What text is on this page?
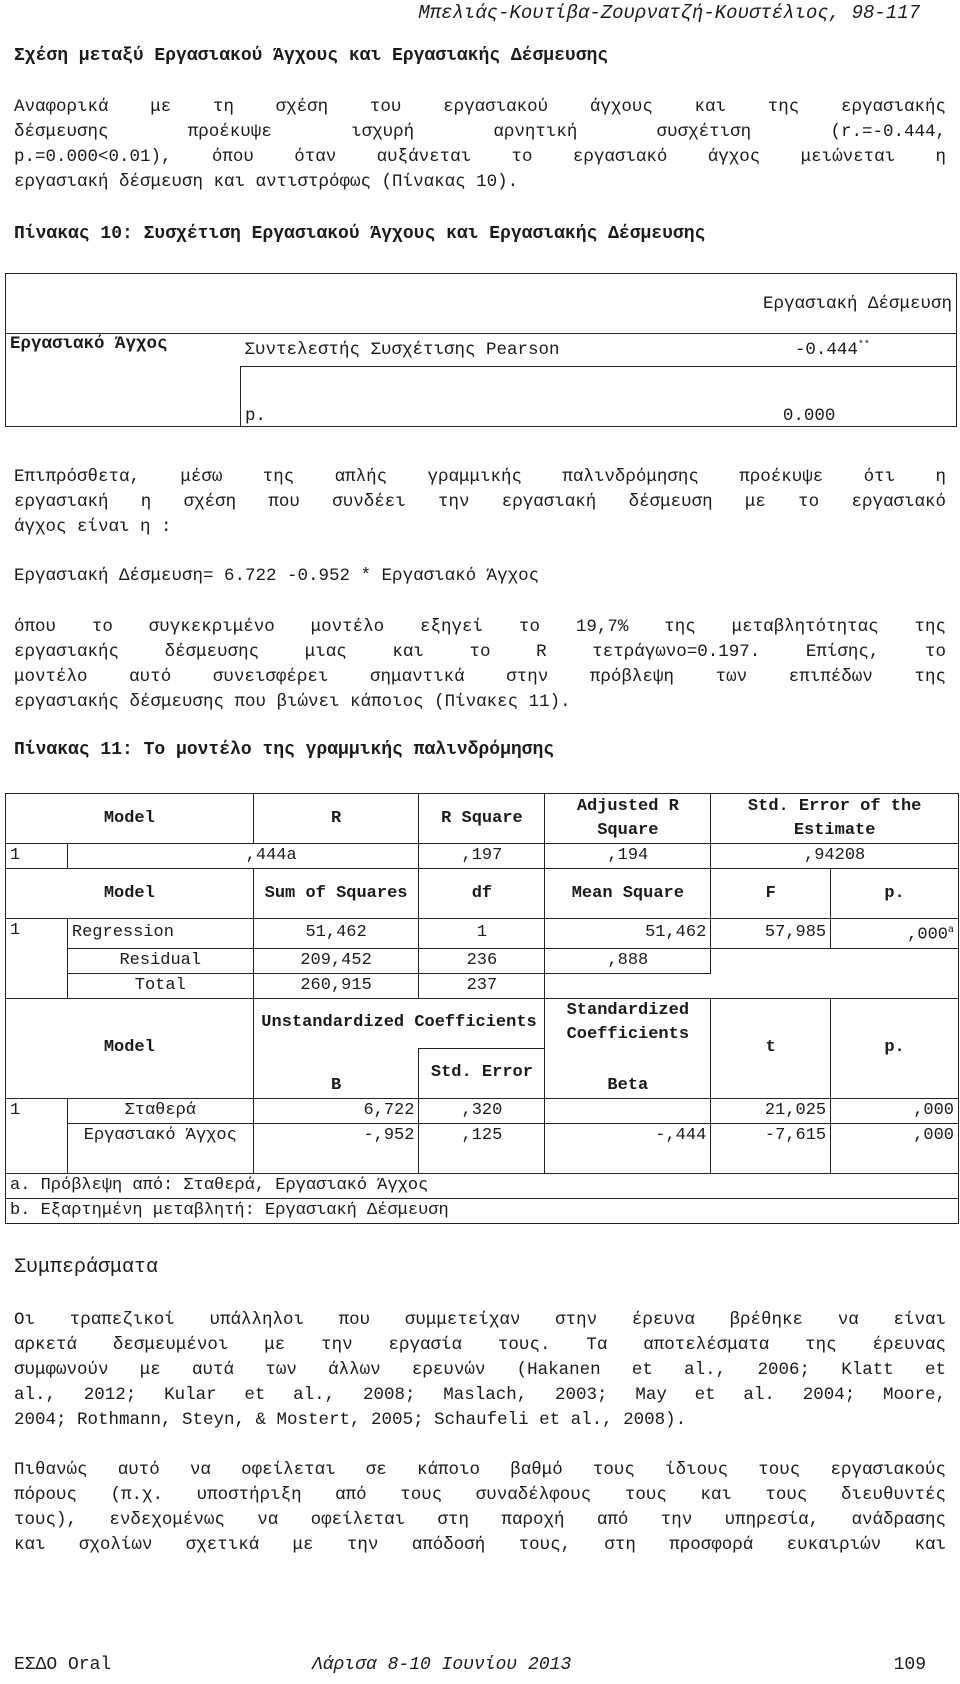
Μπελιάς-Κουτίβα-Ζουρνατζή-Κουστέλιος, 98-117
Σχέση μεταξύ Εργασιακού Άγχους και Εργασιακής Δέσμευσης
Αναφορικά με τη σχέση του εργασιακού άγχους και της εργασιακής
δέσμευσης προέκυψε ισχυρή αρνητική συσχέτιση (r.=-0.444,
p.=0.000<0.01), όπου όταν αυξάνεται το εργασιακό άγχος μειώνεται η
εργασιακή δέσμευση και αντιστρόφως (Πίνακας 10).
Πίνακας 10: Συσχέτιση Εργασιακού Άγχους και Εργασιακής Δέσμευσης
		Εργασιακή Δέσμευση
Εργασιακό Άγχος	Συντελεστής Συσχέτισης Pearson	-0.444**
	p.	0.000
Επιπρόσθετα, μέσω της απλής γραμμικής παλινδρόμησης προέκυψε ότι η
εργασιακή η σχέση που συνδέει την εργασιακή δέσμευση με το εργασιακό
άγχος είναι η :
Εργασιακή Δέσμευση= 6.722 -0.952 * Εργασιακό Άγχος
όπου το συγκεκριμένο μοντέλο εξηγεί το 19,7% της μεταβλητότητας της
εργασιακής δέσμευσης μιας και το R τετράγωνο=0.197. Επίσης, το
μοντέλο αυτό συνεισφέρει σημαντικά στην πρόβλεψη των επιπέδων της
εργασιακής δέσμευσης που βιώνει κάποιος (Πίνακες 11).
Πίνακας 11: Το μοντέλο της γραμμικής παλινδρόμησης
Model		R	R Square	Adjusted R Square	Std. Error of the Estimate	
1	,444a		,197	,194	,94208	
Model		Sum of Squares	df	Mean Square	F	p.
1	Regression	51,462	1	51,462	57,985	,000$^a$
	Residual	209,452	236	,888		
	Total	260,915	237			
Model		Unstandardized Coefficients		Standardized Coefficients	t	p.
		B	Std. Error	Beta		
1	Σταθερά	6,722	,320		21,025	,000
	Εργασιακό Άγχος	-,952	,125	-,444	-7,615	,000
a. Πρόβλεψη από: Σταθερά, Εργασιακό Άγχος						
b. Εξαρτημένη μεταβλητή: Εργασιακή Δέσμευση						
Συμπεράσματα
Οι τραπεζικοί υπάλληλοι που συμμετείχαν στην έρευνα βρέθηκε να είναι
αρκετά δεσμευμένοι με την εργασία τους. Τα αποτελέσματα της έρευνας
συμφωνούν με αυτά των άλλων ερευνών (Hakanen et al., 2006; Klatt et
al., 2012; Kular et al., 2008; Maslach, 2003; May et al. 2004; Moore,
2004; Rothmann, Steyn, & Mostert, 2005; Schaufeli et al., 2008).
Πιθανώς αυτό να οφείλεται σε κάποιο βαθμό τους ίδιους τους εργασιακούς
πόρους (π.χ. υποστήριξη από τους συναδέλφους τους και τους διευθυντές
τους), ενδεχομένως να οφείλεται στη παροχή από την υπηρεσία, ανάδρασης
και σχολίων σχετικά με την απόδοσή τους, στη προσφορά ευκαιριών και
ΕΣΔΟ Oral	Λάρισα 8-10 Ιουνίου 2013	109
